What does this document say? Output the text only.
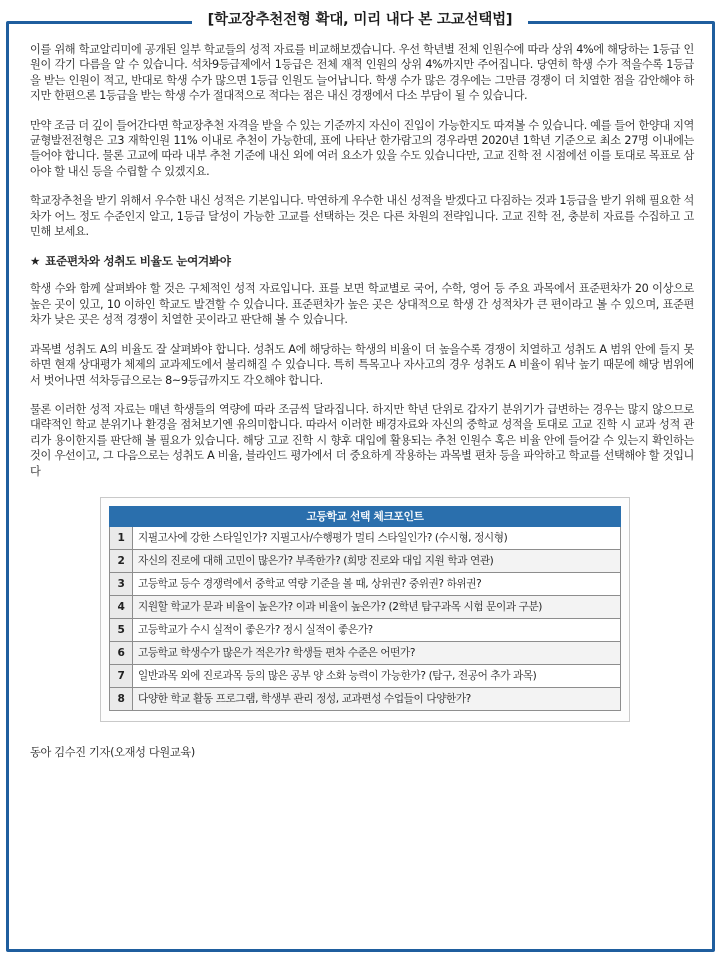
[학교장추천전형 확대, 미리 내다 본 고교선택법]

이를 위해 학교알리미에 공개된 일부 학교들의 성적 자료를 비교해보겠습니다. 우선 학년별 전체 인원수에 따라 상위 4%에 해당하는 1등급 인원이 각기 다름을 알 수 있습니다. 석차9등급제에서 1등급은 전체 재적 인원의 상위 4%까지만 주어집니다. 당연히 학생 수가 적을수록 1등급을 받는 인원이 적고, 반대로 학생 수가 많으면 1등급 인원도 늘어납니다. 학생 수가 많은 경우에는 그만큼 경쟁이 더 치열한 점을 감안해야 하지만 한편으론 1등급을 받는 학생 수가 절대적으로 적다는 점은 내신 경쟁에서 다소 부담이 될 수 있습니다.

만약 조금 더 깊이 들어간다면 학교장추천 자격을 받을 수 있는 기준까지 자신이 진입이 가능한지도 따져볼 수 있습니다. 예를 들어 한양대 지역균형발전전형은 고3 재학인원 11% 이내로 추천이 가능한데, 표에 나타난 한가람고의 경우라면 2020년 1학년 기준으로 최소 27명 이내에는 들어야 합니다. 물론 고교에 따라 내부 추천 기준에 내신 외에 여러 요소가 있을 수도 있습니다만, 고교 진학 전 시점에선 이를 토대로 목표로 삼아야 할 내신 등을 수립할 수 있겠지요.

학교장추천을 받기 위해서 우수한 내신 성적은 기본입니다. 막연하게 우수한 내신 성적을 받겠다고 다짐하는 것과 1등급을 받기 위해 필요한 석차가 어느 정도 수준인지 알고, 1등급 달성이 가능한 고교를 선택하는 것은 다른 차원의 전략입니다. 고교 진학 전, 충분히 자료를 수집하고 고민해 보세요.

★ 표준편차와 성취도 비율도 눈여겨봐야

학생 수와 함께 살펴봐야 할 것은 구체적인 성적 자료입니다. 표를 보면 학교별로 국어, 수학, 영어 등 주요 과목에서 표준편차가 20 이상으로 높은 곳이 있고, 10 이하인 학교도 발견할 수 있습니다. 표준편차가 높은 곳은 상대적으로 학생 간 성적차가 큰 편이라고 볼 수 있으며, 표준편차가 낮은 곳은 성적 경쟁이 치열한 곳이라고 판단해 볼 수 있습니다.

과목별 성취도 A의 비율도 잘 살펴봐야 합니다. 성취도 A에 해당하는 학생의 비율이 더 높을수록 경쟁이 치열하고 성취도 A 범위 안에 들지 못하면 현재 상대평가 체제의 교과제도에서 불리해질 수 있습니다. 특히 특목고나 자사고의 경우 성취도 A 비율이 워낙 높기 때문에 해당 범위에서 벗어나면 석차등급으로는 8~9등급까지도 각오해야 합니다.

물론 이러한 성적 자료는 매년 학생들의 역량에 따라 조금씩 달라집니다. 하지만 학년 단위로 갑자기 분위기가 급변하는 경우는 많지 않으므로 대략적인 학교 분위기나 환경을 점쳐보기엔 유의미합니다. 따라서 이러한 배경자료와 자신의 중학교 성적을 토대로 고교 진학 시 교과 성적 관리가 용이한지를 판단해 볼 필요가 있습니다. 해당 고교 진학 시 향후 대입에 활용되는 추천 인원수 혹은 비율 안에 들어갈 수 있는지 확인하는 것이 우선이고, 그 다음으로는 성취도 A 비율, 블라인드 평가에서 더 중요하게 작용하는 과목별 편차 등을 파악하고 학교를 선택해야 할 것입니다

고등학교 선택 체크포인트	
1	지필고사에 강한 스타일인가? 지필고사/수행평가 멀티 스타일인가? (수시형, 정시형)
2	자신의 진로에 대해 고민이 많은가? 부족한가? (희망 진로와 대입 지원 학과 연관)
3	고등학교 등수 경쟁력에서 중학교 역량 기준을 볼 때, 상위권? 중위권? 하위권?
4	지원할 학교가 문과 비율이 높은가? 이과 비율이 높은가? (2학년 탐구과목 시험 문이과 구분)
5	고등학교가 수시 실적이 좋은가? 정시 실적이 좋은가?
6	고등학교 학생수가 많은가 적은가? 학생들 편차 수준은 어떤가?
7	일반과목 외에 진로과목 등의 많은 공부 양 소화 능력이 가능한가? (탐구, 전공어 추가 과목)
8	다양한 학교 활동 프로그램, 학생부 관리 정성, 교과편성 수업들이 다양한가?
동아 김수진 기자(오재성 다원교육)
